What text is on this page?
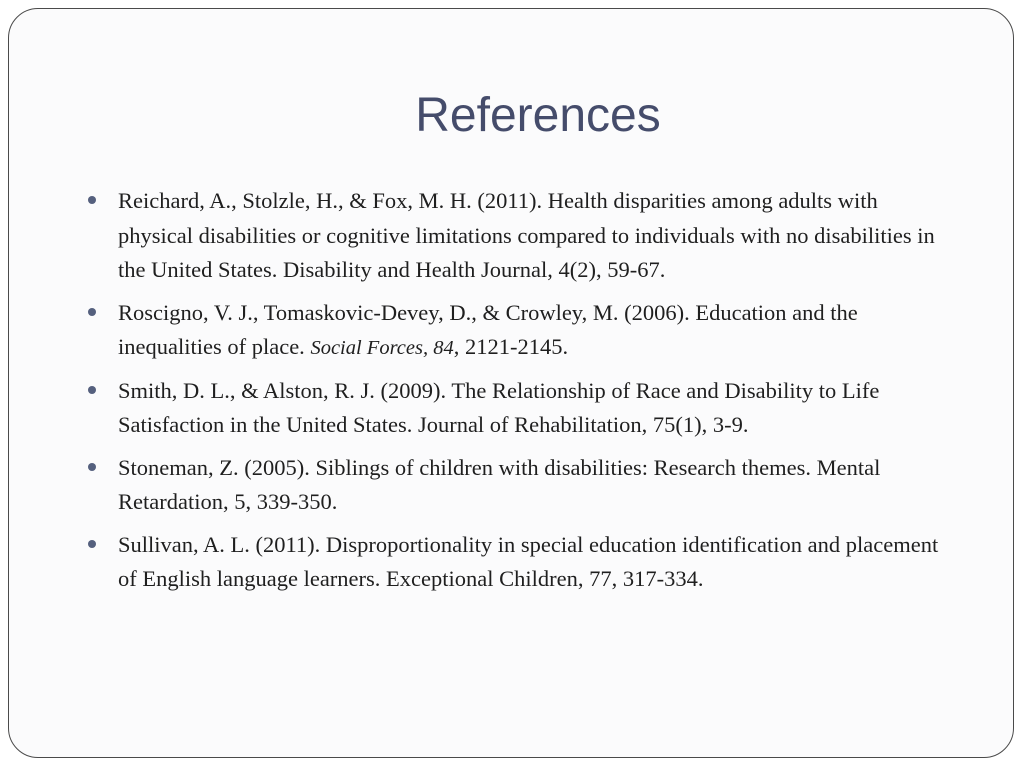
References
Reichard, A., Stolzle, H., & Fox, M. H. (2011). Health disparities among adults with physical disabilities or cognitive limitations compared to individuals with no disabilities in the United States. Disability and Health Journal, 4(2), 59-67.
Roscigno, V. J., Tomaskovic-Devey, D., & Crowley, M. (2006). Education and the inequalities of place. Social Forces, 84, 2121-2145.
Smith, D. L., & Alston, R. J. (2009). The Relationship of Race and Disability to Life Satisfaction in the United States. Journal of Rehabilitation, 75(1), 3-9.
Stoneman, Z. (2005). Siblings of children with disabilities: Research themes. Mental Retardation, 5, 339-350.
Sullivan, A. L. (2011). Disproportionality in special education identification and placement of English language learners. Exceptional Children, 77, 317-334.
